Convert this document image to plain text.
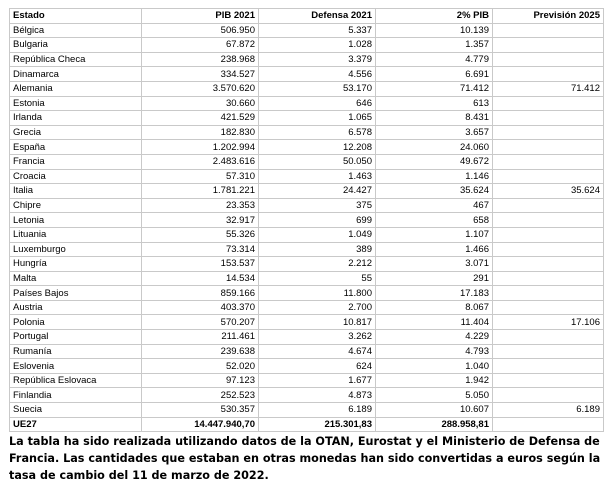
Estado	PIB 2021	Defensa 2021	2% PIB	Previsión 2025
Bélgica	506.950	5.337	10.139	
Bulgaria	67.872	1.028	1.357	
República Checa	238.968	3.379	4.779	
Dinamarca	334.527	4.556	6.691	
Alemania	3.570.620	53.170	71.412	71.412
Estonia	30.660	646	613	
Irlanda	421.529	1.065	8.431	
Grecia	182.830	6.578	3.657	
España	1.202.994	12.208	24.060	
Francia	2.483.616	50.050	49.672	
Croacia	57.310	1.463	1.146	
Italia	1.781.221	24.427	35.624	35.624
Chipre	23.353	375	467	
Letonia	32.917	699	658	
Lituania	55.326	1.049	1.107	
Luxemburgo	73.314	389	1.466	
Hungría	153.537	2.212	3.071	
Malta	14.534	55	291	
Países Bajos	859.166	11.800	17.183	
Austria	403.370	2.700	8.067	
Polonia	570.207	10.817	11.404	17.106
Portugal	211.461	3.262	4.229	
Rumanía	239.638	4.674	4.793	
Eslovenia	52.020	624	1.040	
República Eslovaca	97.123	1.677	1.942	
Finlandia	252.523	4.873	5.050	
Suecia	530.357	6.189	10.607	6.189
UE27	14.447.940,70	215.301,83	288.958,81	

La tabla ha sido realizada utilizando datos de la OTAN, Eurostat y el Ministerio de Defensa de Francia. Las cantidades que estaban en otras monedas han sido convertidas a euros según la tasa de cambio del 11 de marzo de 2022.
